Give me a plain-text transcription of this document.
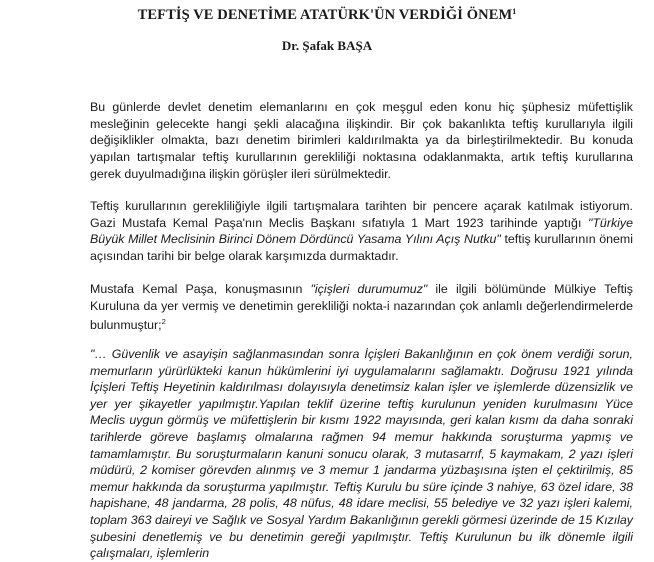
TEFTİŞ VE DENETİME ATATÜRK'ÜN VERDİĞİ ÖNEM$^1$
Dr. Şafak BAŞA

Bu günlerde devlet denetim elemanlarını en çok meşgul eden konu hiç şüphesiz müfettişlik mesleğinin gelecekte hangi şekli alacağına ilişkindir. Bir çok bakanlıkta teftiş kurullarıyla ilgili değişiklikler olmakta, bazı denetim birimleri kaldırılmakta ya da birleştirilmektedir. Bu konuda yapılan tartışmalar teftiş kurullarının gerekliliği noktasına odaklanmakta, artık teftiş kurullarına gerek duyulmadığına ilişkin görüşler ileri sürülmektedir.

Teftiş kurullarının gerekliliğiyle ilgili tartışmalara tarihten bir pencere açarak katılmak istiyorum. Gazi Mustafa Kemal Paşa'nın Meclis Başkanı sıfatıyla 1 Mart 1923 tarihinde yaptığı "Türkiye Büyük Millet Meclisinin Birinci Dönem Dördüncü Yasama Yılını Açış Nutku" teftiş kurullarının önemi açısından tarihi bir belge olarak karşımızda durmaktadır.

Mustafa Kemal Paşa, konuşmasının "içişleri durumumuz" ile ilgili bölümünde Mülkiye Teftiş Kuruluna da yer vermiş ve denetimin gerekliliği nokta-i nazarından çok anlamlı değerlendirmelerde bulunmuştur;$^2$

"… Güvenlik ve asayişin sağlanmasından sonra İçişleri Bakanlığının en çok önem verdiği sorun, memurların yürürlükteki kanun hükümlerini iyi uygulamalarını sağlamaktı. Doğrusu 1921 yılında İçişleri Teftiş Heyetinin kaldırılması dolayısıyla denetimsiz kalan işler ve işlemlerde düzensizlik ve yer yer şikayetler yapılmıştır.Yapılan teklif üzerine teftiş kurulunun yeniden kurulmasını Yüce Meclis uygun görmüş ve müfettişlerin bir kısmı 1922 mayısında, geri kalan kısmı da daha sonraki tarihlerde göreve başlamış olmalarına rağmen 94 memur hakkında soruşturma yapmış ve tamamlamıştır. Bu soruşturmaların kanuni sonucu olarak, 3 mutasarrıf, 5 kaymakam, 2 yazı işleri müdürü, 2 komiser görevden alınmış ve 3 memur 1 jandarma yüzbaşısına işten el çektirilmiş, 85 memur hakkında da soruşturma yapılmıştır. Teftiş Kurulu bu süre içinde 3 nahiye, 63 özel idare, 38 hapishane, 48 jandarma, 28 polis, 48 nüfus, 48 idare meclisi, 55 belediye ve 32 yazı işleri kalemi, toplam 363 daireyi ve Sağlık ve Sosyal Yardım Bakanlığının gerekli görmesi üzerinde de 15 Kızılay şubesini denetlemiş ve bu denetimin gereği yapılmıştır. Teftiş Kurulunun bu ilk dönemle ilgili çalışmaları, işlemlerin
